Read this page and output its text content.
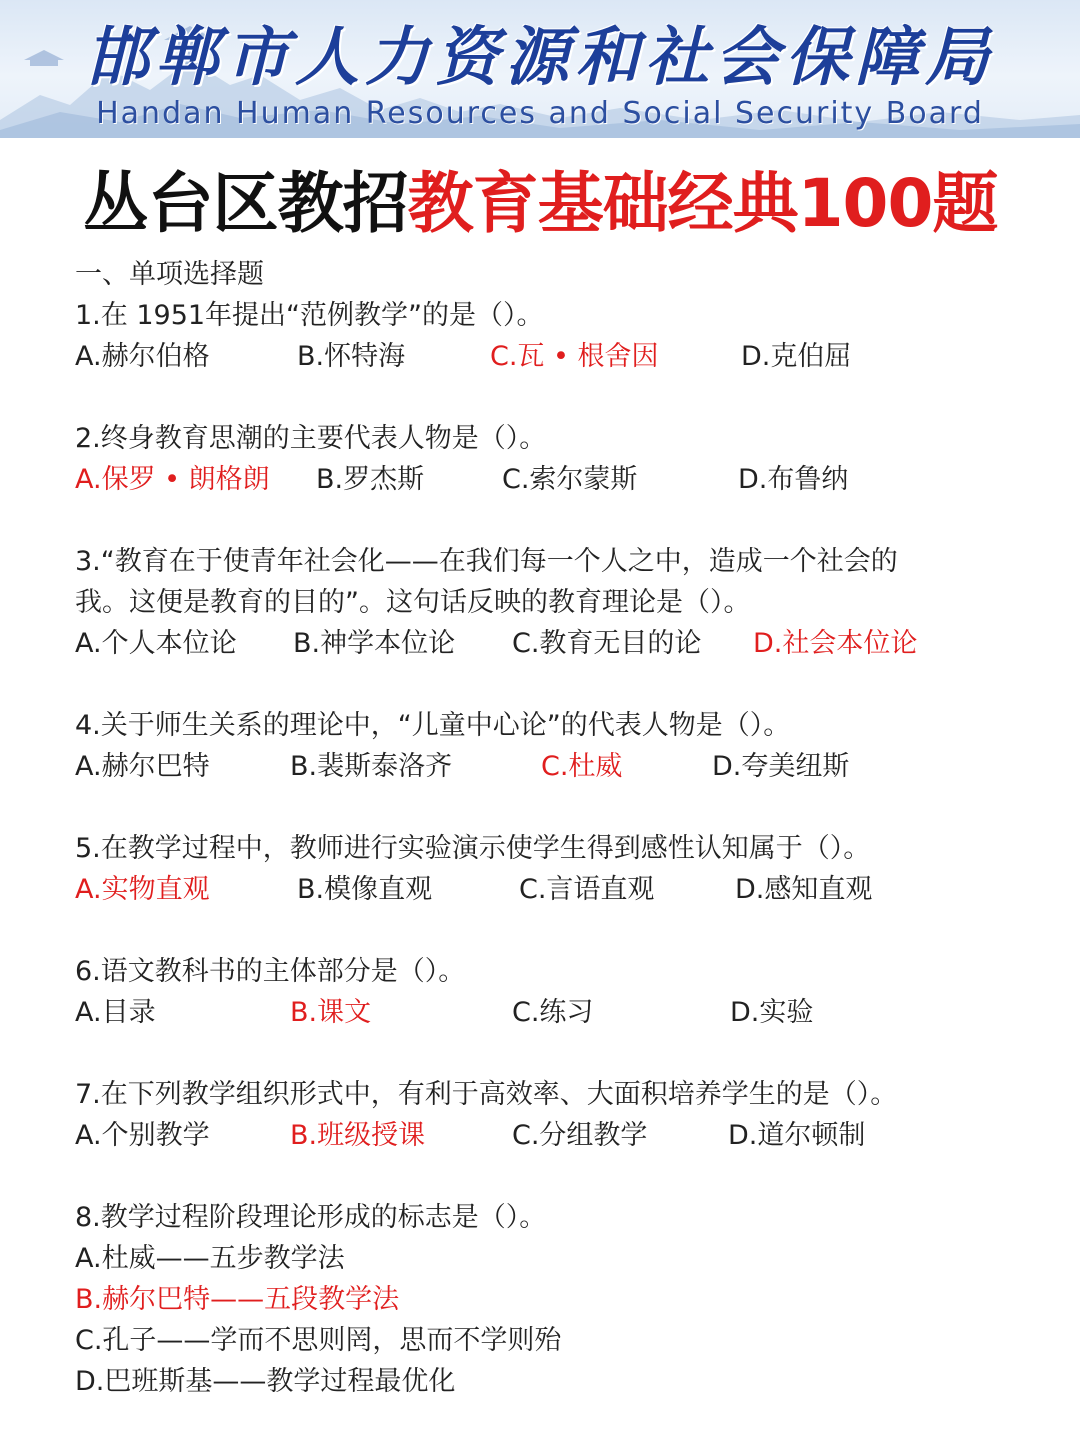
邯郸市人力资源和社会保障局
Handan Human Resources and Social Security Board
丛台区教招教育基础经典100题
一、单项选择题
1.在 1951年提出“范例教学”的是（）。
A.赫尔伯格	B.怀特海	C.瓦 • 根舍因	D.克伯屈
2.终身教育思潮的主要代表人物是（）。
A.保罗 • 朗格朗 B.罗杰斯	C.索尔蒙斯	D.布鲁纳
3.“教育在于使青年社会化——在我们每一个人之中，造成一个社会的
我。这便是教育的目的”。这句话反映的教育理论是（）。
A.个人本位论 B.神学本位论 C.教育无目的论 D.社会本位论
4.关于师生关系的理论中，“儿童中心论”的代表人物是（）。
A.赫尔巴特	B.裴斯泰洛齐	C.杜威	D.夸美纽斯
5.在教学过程中，教师进行实验演示使学生得到感性认知属于（）。
A.实物直观	B.模像直观	C.言语直观	D.感知直观
6.语文教科书的主体部分是（）。
A.目录	B.课文	C.练习	D.实验
7.在下列教学组织形式中，有利于高效率、大面积培养学生的是（）。
A.个别教学	B.班级授课	C.分组教学	D.道尔顿制
8.教学过程阶段理论形成的标志是（）。
A.杜威——五步教学法
B.赫尔巴特——五段教学法
C.孔子——学而不思则罔，思而不学则殆
D.巴班斯基——教学过程最优化
